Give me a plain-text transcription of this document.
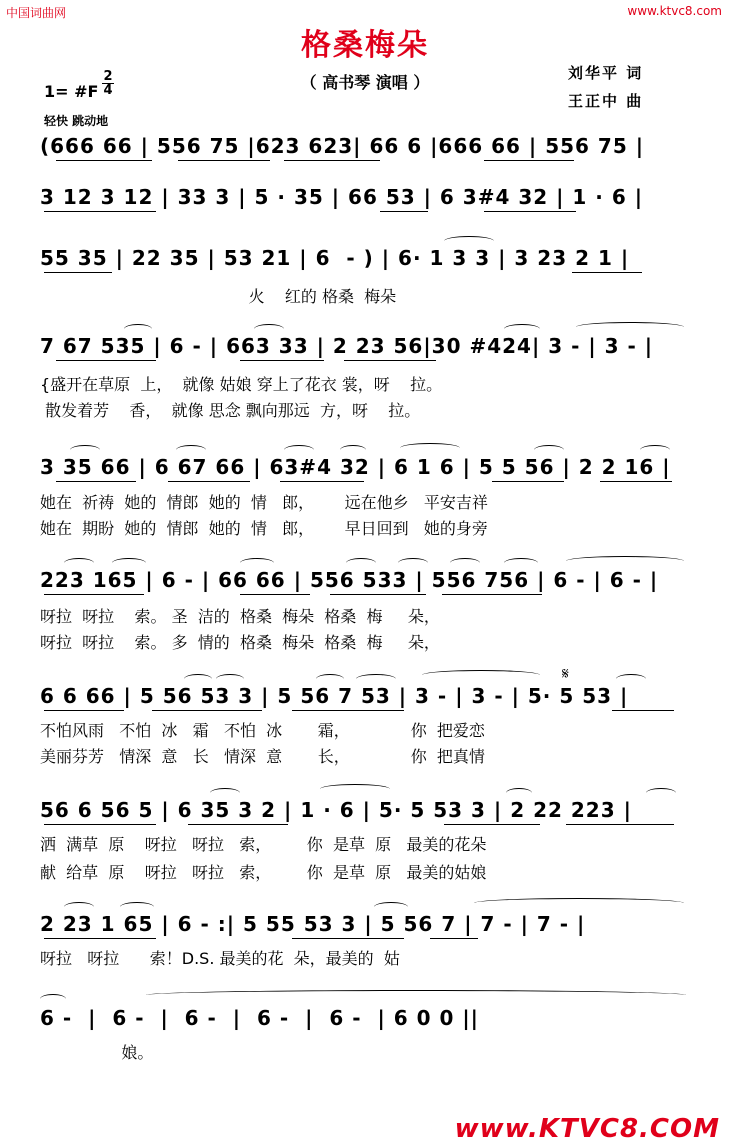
中国词曲网	www.ktvc8.com
格桑梅朵
（ 高书琴 演唱 ）	刘华平 词
王正中 曲
1= #F
2
4
轻快 跳动地
(666 66 | 556 75 |623 623| 66 6 |666 66 | 556 75 |
3 12 3 12 | 33 3 | 5 · 35 | 66 53 | 6 3#4 32 | 1 · 6 |
55 35 | 22 35 | 53 21 | 6  - ) | 6· 1 3 3 | 3 23 2 1 |
火    红的 格桑  梅朵
7 67 535 | 6 - | 663 33 | 2 23 56|30 #424| 3 - | 3 - |
{盛开在草原  上，  就像 姑娘 穿上了花衣 裳，呀    拉。
散发着芳    香，  就像 思念 飘向那远  方，呀    拉。
3 35 66 | 6 67 66 | 63#4 32 | 6 1 6 | 5 5 56 | 2 2 16 |
她在  祈祷  她的  情郎  她的  情   郎，      远在他乡   平安吉祥
她在  期盼  她的  情郎  她的  情   郎，      早日回到   她的身旁
223 165 | 6 - | 66 66 | 556 533 | 556 756 | 6 - | 6 - |
呀拉  呀拉    索。 圣  洁的  格桑  梅朵  格桑  梅     朵，
呀拉  呀拉    索。 多  情的  格桑  梅朵  格桑  梅     朵，
𝄋
6 6 66 | 5 56 53 3 | 5 56 7 53 | 3 - | 3 - | 5· 5 53 |
不怕风雨   不怕  冰   霜   不怕  冰       霜，            你  把爱恋
美丽芬芳   情深  意   长   情深  意       长，            你  把真情
56 6 56 5 | 6 35 3 2 | 1 · 6 | 5· 5 53 3 | 2 22 223 |
洒  满草  原    呀拉   呀拉   索，       你  是草  原   最美的花朵
献  给草  原    呀拉   呀拉   索，       你  是草  原   最美的姑娘
2 23 1 65 | 6 - :| 5 55 53 3 | 5 56 7 | 7 - | 7 - |
呀拉   呀拉      索！D.S. 最美的花  朵，最美的  姑
6 -  |  6 -  |  6 -  |  6 -  |  6 -  | 6 0 0 ||
娘。
www.KTVC8.COM
